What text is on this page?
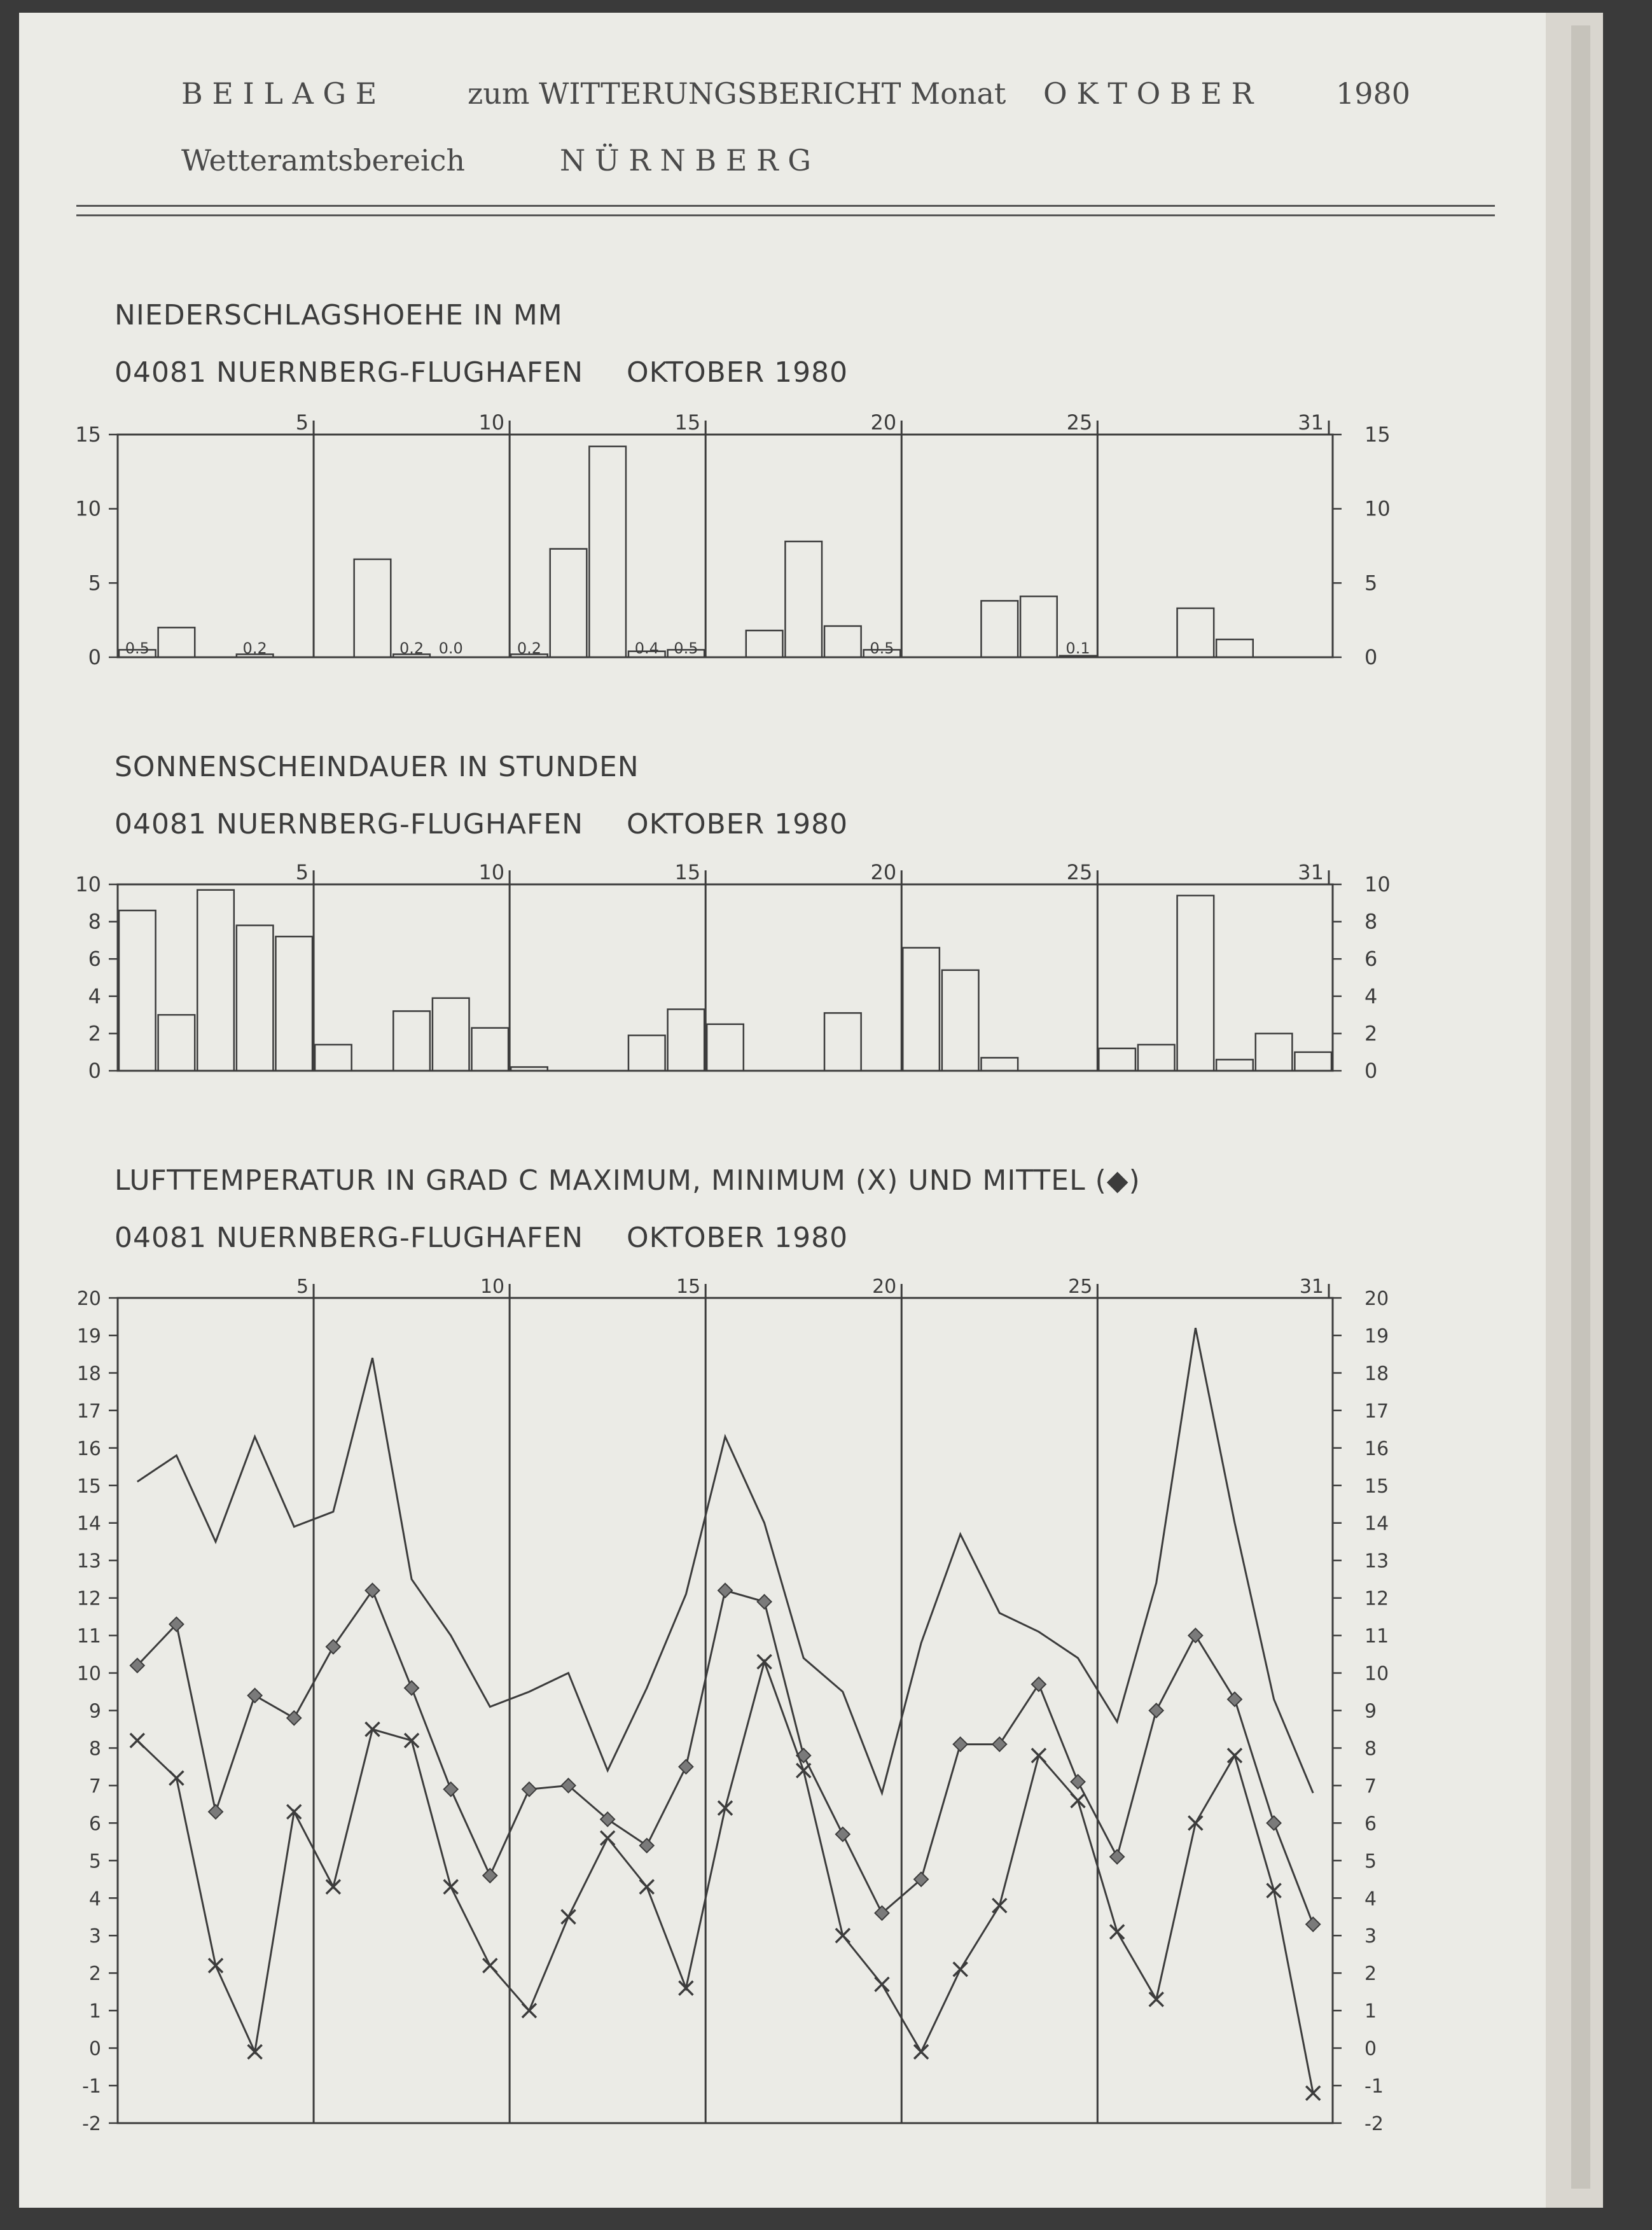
B E I L A G E	zum WITTERUNGSBERICHT Monat O K T O B E R	1980
Wetteramtsbereich	N Ü R N B E R G
NIEDERSCHLAGSHOEHE IN MM
04081 NUERNBERG-FLUGHAFEN OKTOBER 1980
SONNENSCHEINDAUER IN STUNDEN
04081 NUERNBERG-FLUGHAFEN OKTOBER 1980
LUFTTEMPERATUR IN GRAD C MAXIMUM, MINIMUM (X) UND MITTEL (◆)
04081 NUERNBERG-FLUGHAFEN OKTOBER 1980
5	10	15	20	25	31
0	0
5	5
10	10
15	15
0.5	0.2	0.2 0.0	0.2	0.4 0.5	0.5	0.1
5	10	15	20	25	31
0	0
2	2
4	4
6	6
8	8
10	10
5	10	15	20	25	31
-2	-2
-1	-1
0	0
1	1
2	2
3	3
4	4
5	5
6	6
7	7
8	8
9	9
10	10
11	11
12	12
13	13
14	14
15	15
16	16
17	17
18	18
19	19
20	20
